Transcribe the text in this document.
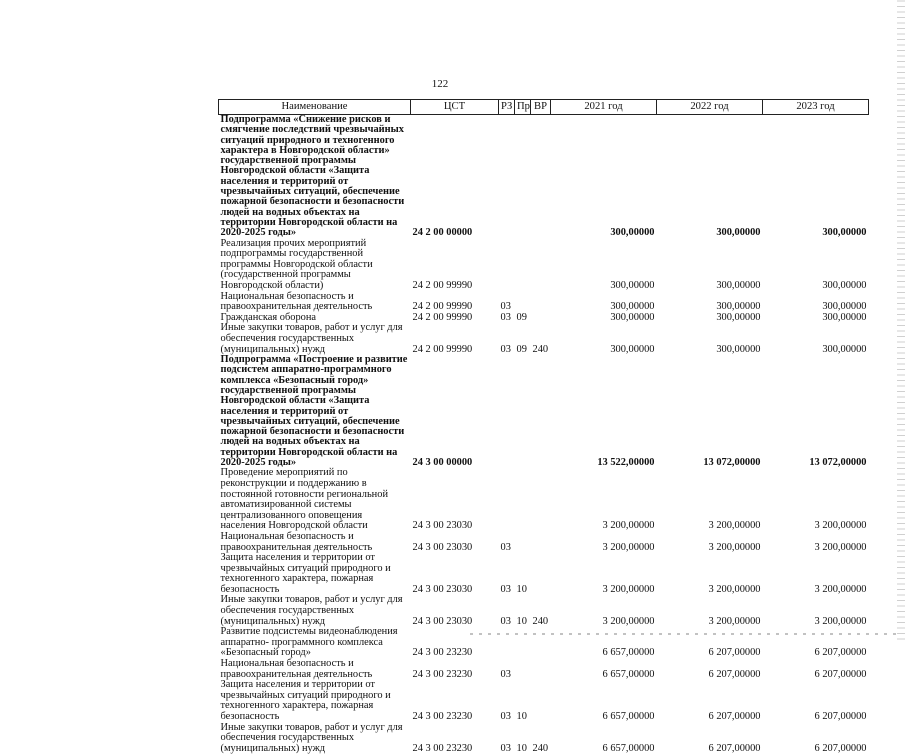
122
Наименование	ЦСТ	РЗ	Пр	ВР	2021 год	2022 год	2023 год
Подпрограмма «Снижение рисков и смягчение последствий чрезвычайных ситуаций природного и техногенного характера в Новгородской области» государственной программы Новгородской области «Защита населения и территорий от чрезвычайных ситуаций, обеспечение пожарной безопасности и безопасности людей на водных объектах на территории Новгородской области на 2020-2025 годы»	24 2 00 00000				300,00000	300,00000	300,00000
Реализация прочих мероприятий подпрограммы государственной программы Новгородской области (государственной программы Новгородской области)	24 2 00 99990				300,00000	300,00000	300,00000
Национальная безопасность и правоохранительная деятельность	24 2 00 99990	03			300,00000	300,00000	300,00000
Гражданская оборона	24 2 00 99990	03	09		300,00000	300,00000	300,00000
Иные закупки товаров, работ и услуг для обеспечения государственных (муниципальных) нужд	24 2 00 99990	03	09	240	300,00000	300,00000	300,00000
Подпрограмма «Построение и развитие подсистем аппаратно-программного комплекса «Безопасный город» государственной программы Новгородской области «Защита населения и территорий от чрезвычайных ситуаций, обеспечение пожарной безопасности и безопасности людей на водных объектах на территории Новгородской области на 2020-2025 годы»	24 3 00 00000				13 522,00000	13 072,00000	13 072,00000
Проведение мероприятий по реконструкции и поддержанию в постоянной готовности региональной автоматизированной системы централизованного оповещения населения Новгородской области	24 3 00 23030				3 200,00000	3 200,00000	3 200,00000
Национальная безопасность и правоохранительная деятельность	24 3 00 23030	03			3 200,00000	3 200,00000	3 200,00000
Защита населения и территории от чрезвычайных ситуаций природного и техногенного характера, пожарная безопасность	24 3 00 23030	03	10		3 200,00000	3 200,00000	3 200,00000
Иные закупки товаров, работ и услуг для обеспечения государственных (муниципальных) нужд	24 3 00 23030	03	10	240	3 200,00000	3 200,00000	3 200,00000
Развитие подсистемы видеонаблюдения аппаратно- программного комплекса «Безопасный город»	24 3 00 23230				6 657,00000	6 207,00000	6 207,00000
Национальная безопасность и правоохранительная деятельность	24 3 00 23230	03			6 657,00000	6 207,00000	6 207,00000
Защита населения и территории от чрезвычайных ситуаций природного и техногенного характера, пожарная безопасность	24 3 00 23230	03	10		6 657,00000	6 207,00000	6 207,00000
Иные закупки товаров, работ и услуг для обеспечения государственных (муниципальных) нужд	24 3 00 23230	03	10	240	6 657,00000	6 207,00000	6 207,00000
